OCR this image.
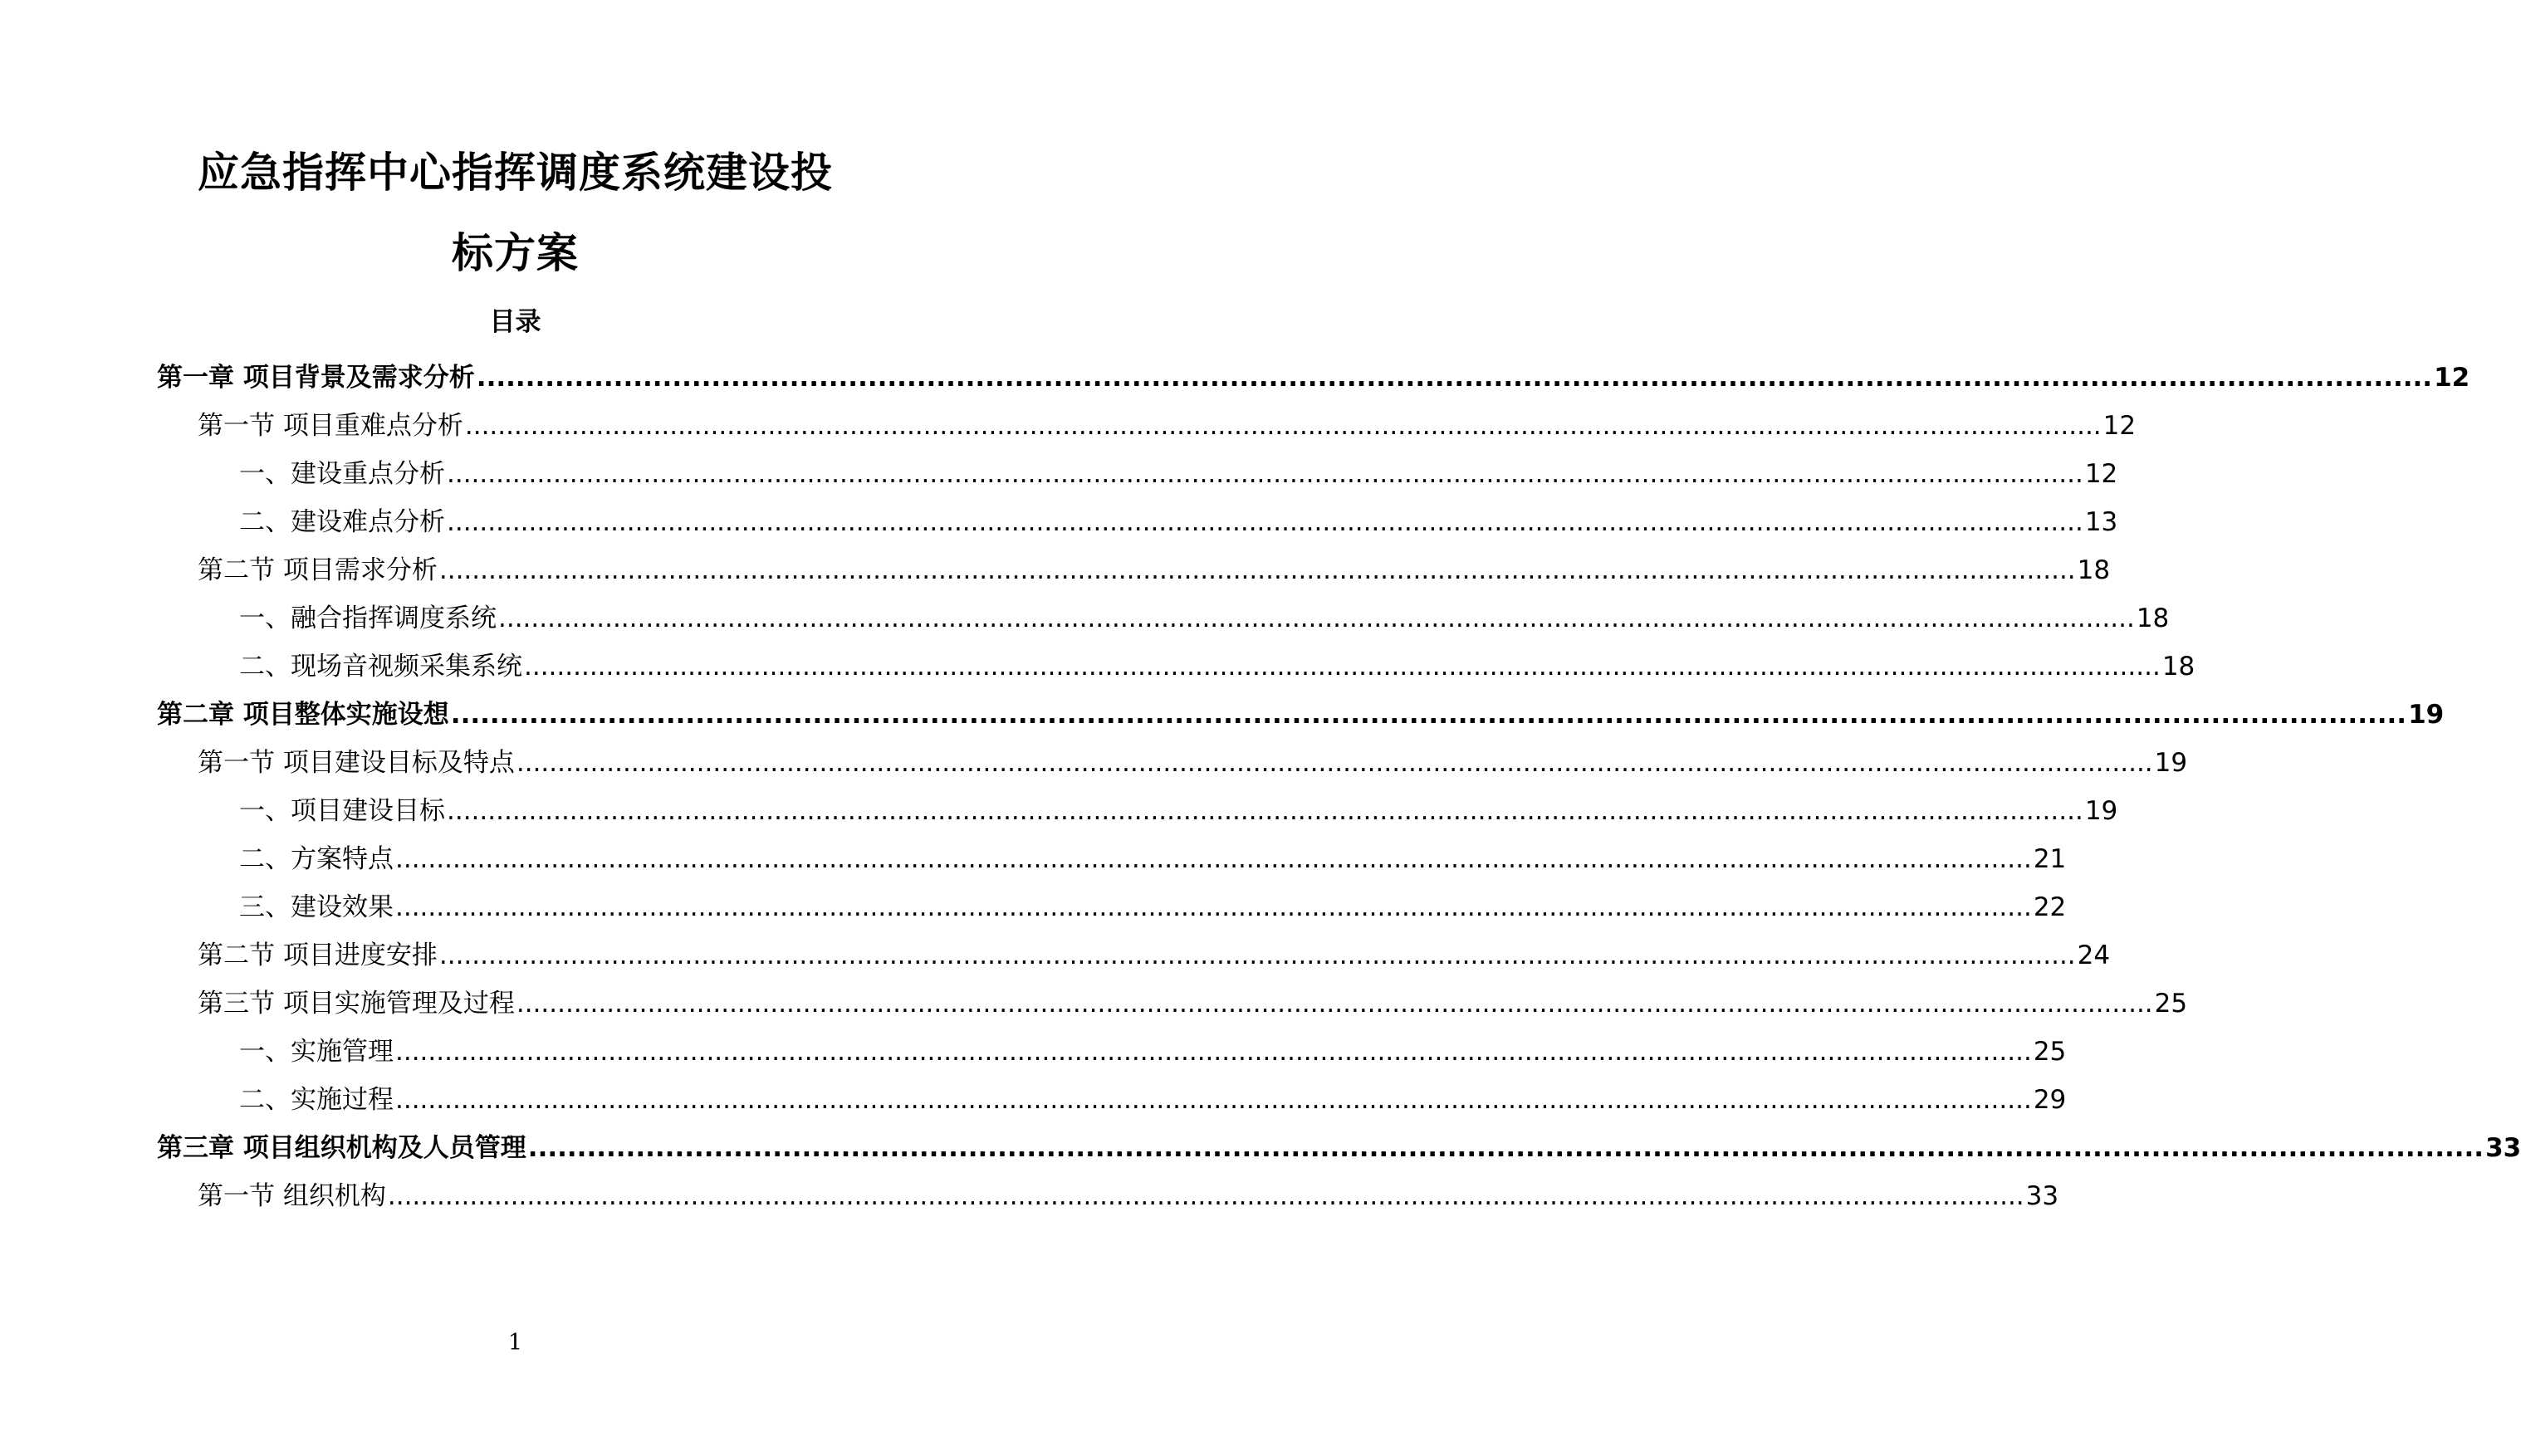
应急指挥中心指挥调度系统建设投
标方案
目录
第一章 项目背景及需求分析 ........................................................................................................................................................................................................ 12
第一节 项目重难点分析 ........................................................................................................................................................................................................ 12
一、建设重点分析 ........................................................................................................................................................................................................ 12
二、建设难点分析 ........................................................................................................................................................................................................ 13
第二节 项目需求分析 ........................................................................................................................................................................................................ 18
一、融合指挥调度系统 ........................................................................................................................................................................................................ 18
二、现场音视频采集系统 ........................................................................................................................................................................................................ 18
第二章 项目整体实施设想 ........................................................................................................................................................................................................ 19
第一节 项目建设目标及特点 ........................................................................................................................................................................................................ 19
一、项目建设目标 ........................................................................................................................................................................................................ 19
二、方案特点 ........................................................................................................................................................................................................ 21
三、建设效果 ........................................................................................................................................................................................................ 22
第二节 项目进度安排 ........................................................................................................................................................................................................ 24
第三节 项目实施管理及过程 ........................................................................................................................................................................................................ 25
一、实施管理 ........................................................................................................................................................................................................ 25
二、实施过程 ........................................................................................................................................................................................................ 29
第三章 项目组织机构及人员管理 ........................................................................................................................................................................................................ 33
第一节 组织机构 ........................................................................................................................................................................................................ 33
1
